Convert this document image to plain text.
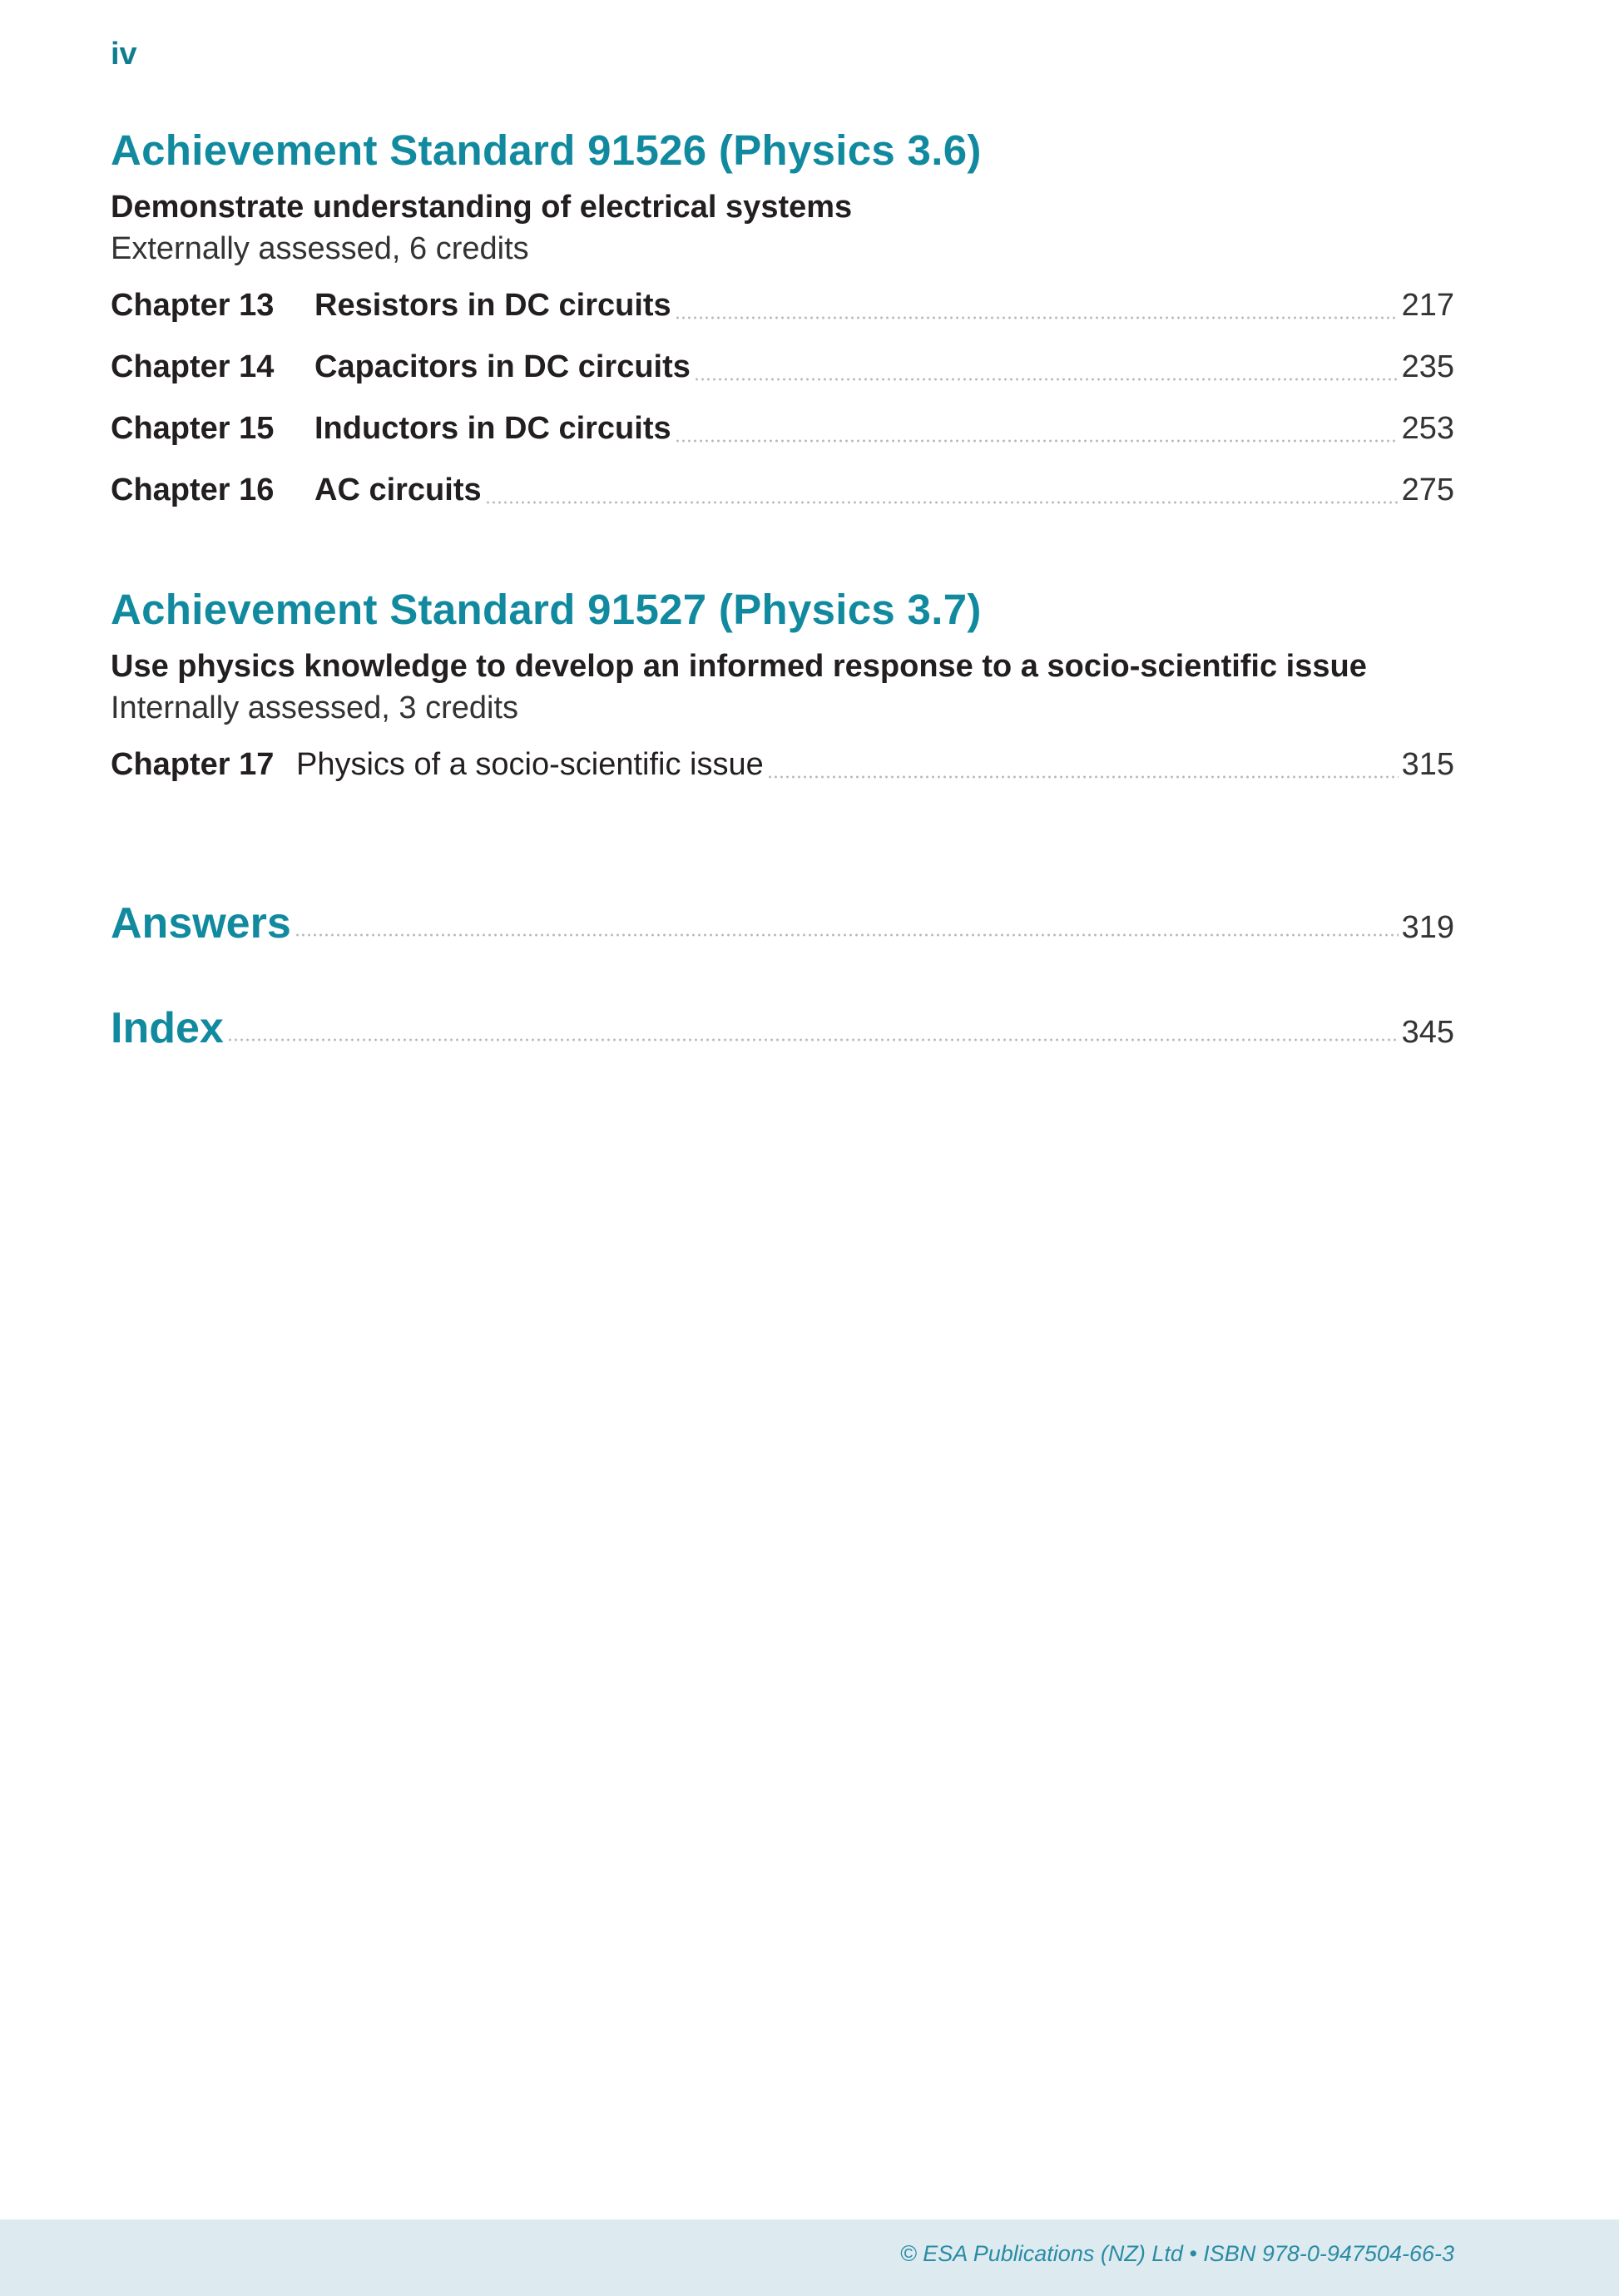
iv
Achievement Standard 91526 (Physics 3.6)
Demonstrate understanding of electrical systems
Externally assessed, 6 credits
Chapter 13	Resistors in DC circuits	217
Chapter 14	Capacitors in DC circuits	235
Chapter 15	Inductors in DC circuits	253
Chapter 16	AC circuits	275
Achievement Standard 91527 (Physics 3.7)
Use physics knowledge to develop an informed response to a socio-scientific issue
Internally assessed, 3 credits
Chapter 17 Physics of a socio-scientific issue	315
Answers	319
Index	345
© ESA Publications (NZ) Ltd • ISBN 978-0-947504-66-3
